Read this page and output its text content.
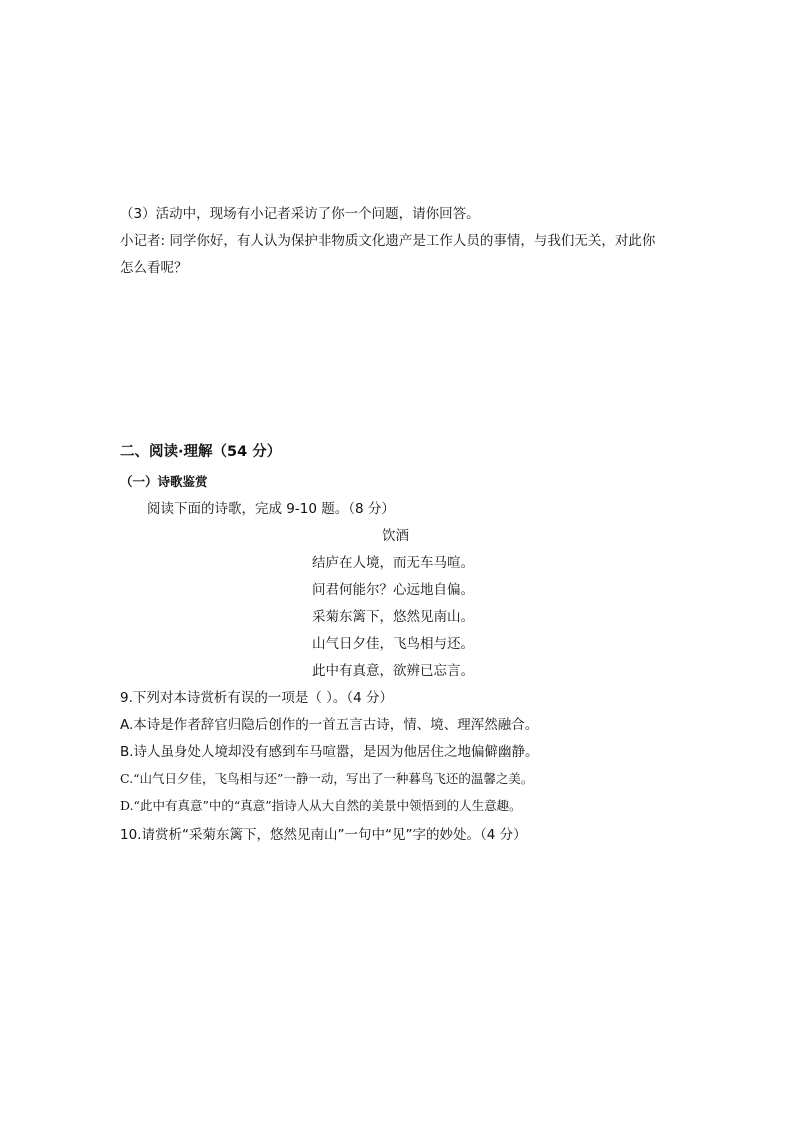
（3）活动中，现场有小记者采访了你一个问题，请你回答。
小记者: 同学你好，有人认为保护非物质文化遗产是工作人员的事情，与我们无关，对此你
怎么看呢？
二、阅读·理解（54 分）
（一）诗歌鉴赏
阅读下面的诗歌，完成 9-10 题。（8 分）
饮酒
结庐在人境，而无车马喧。
问君何能尔？心远地自偏。
采菊东篱下，悠然见南山。
山气日夕佳，飞鸟相与还。
此中有真意，欲辨已忘言。
9.下列对本诗赏析有误的一项是（ ）。（4 分）
A.本诗是作者辞官归隐后创作的一首五言古诗，情、境、理浑然融合。
B.诗人虽身处人境却没有感到车马喧嚣，是因为他居住之地偏僻幽静。
C.“山气日夕佳，飞鸟相与还”一静一动，写出了一种暮鸟飞还的温馨之美。
D.“此中有真意”中的“真意”指诗人从大自然的美景中领悟到的人生意趣。
10.请赏析“采菊东篱下，悠然见南山”一句中“见”字的妙处。（4 分）
